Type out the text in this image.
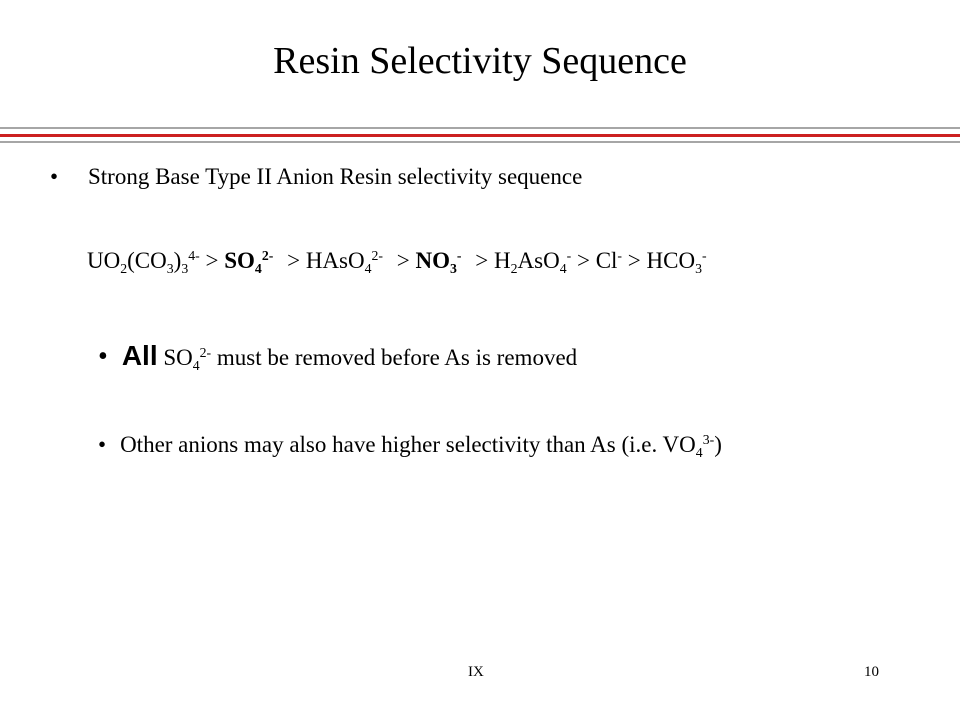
Resin Selectivity Sequence
• Strong Base Type II Anion Resin selectivity sequence
$UO_2(CO_3)_3^{4-} > SO_4^{2-}$ > HAsO$_4^{2-}$ > $NO_3^- > H_2AsO_4^- > Cl^- > HCO_3^-$
• All $SO_4^{2-}$ must be removed before As is removed
• Other anions may also have higher selectivity than As (i.e. $VO_4^{3-}$)
IX	10
